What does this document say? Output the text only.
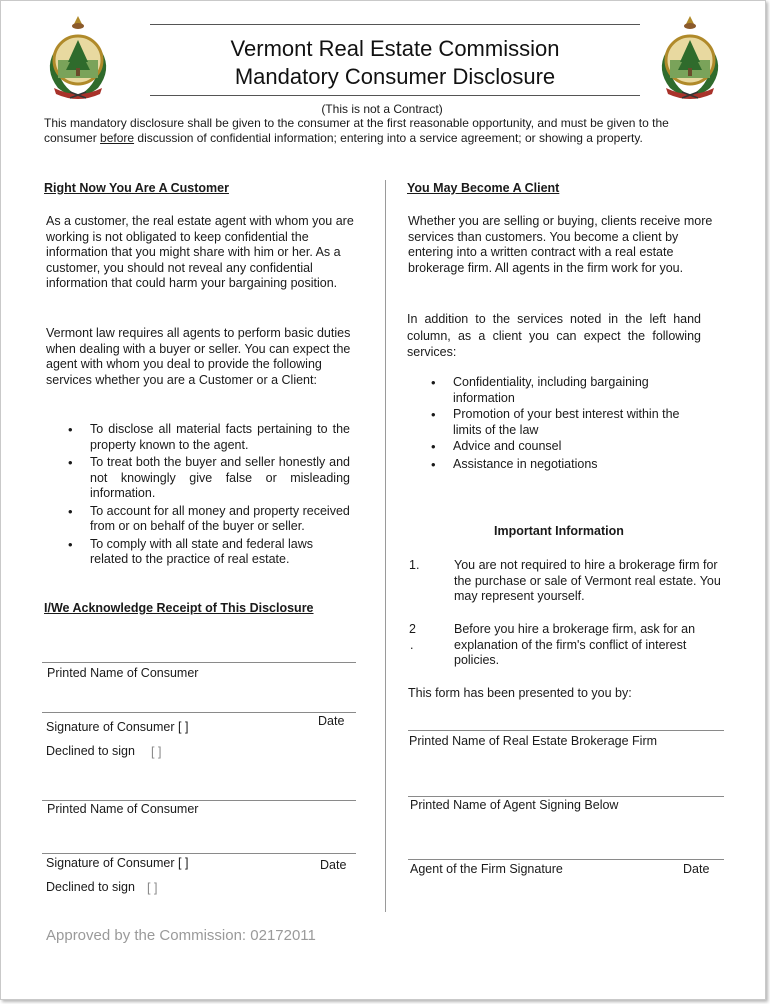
Vermont Real Estate Commission
Mandatory Consumer Disclosure
(This is not a Contract)
This mandatory disclosure shall be given to the consumer at the first reasonable opportunity, and must be given to the
consumer before discussion of confidential information; entering into a service agreement; or showing a property.
Right Now You Are A Customer
As a customer, the real estate agent with whom you are working is not obligated to keep confidential the information that you might share with him or her. As a customer, you should not reveal any confidential information that could harm your bargaining position.
Vermont law requires all agents to perform basic duties when dealing with a buyer or seller. You can expect the agent with whom you deal to provide the following services whether you are a Customer or a Client:
• To disclose all material facts pertaining to the property known to the agent.
• To treat both the buyer and seller honestly and not knowingly give false or misleading information.
• To account for all money and property received from or on behalf of the buyer or seller.
• To comply with all state and federal laws related to the practice of real estate.
I/We Acknowledge Receipt of This Disclosure
Printed Name of Consumer
Signature of Consumer [ ]	Date
Declined to sign [ ]
Printed Name of Consumer
Signature of Consumer [ ]	Date
Declined to sign [ ]
You May Become A Client
Whether you are selling or buying, clients receive more services than customers. You become a client by entering into a written contract with a real estate brokerage firm. All agents in the firm work for you.
In addition to the services noted in the left hand column, as a client you can expect the following services:
• Confidentiality, including bargaining information
• Promotion of your best interest within the limits of the law
• Advice and counsel
• Assistance in negotiations
Important Information
1.	You are not required to hire a brokerage firm for the purchase or sale of Vermont real estate. You may represent yourself.
2
.
Before you hire a brokerage firm, ask for an explanation of the firm's conflict of interest policies.
This form has been presented to you by:
Printed Name of Real Estate Brokerage Firm
Printed Name of Agent Signing Below
Agent of the Firm Signature	Date
Approved by the Commission: 02172011
